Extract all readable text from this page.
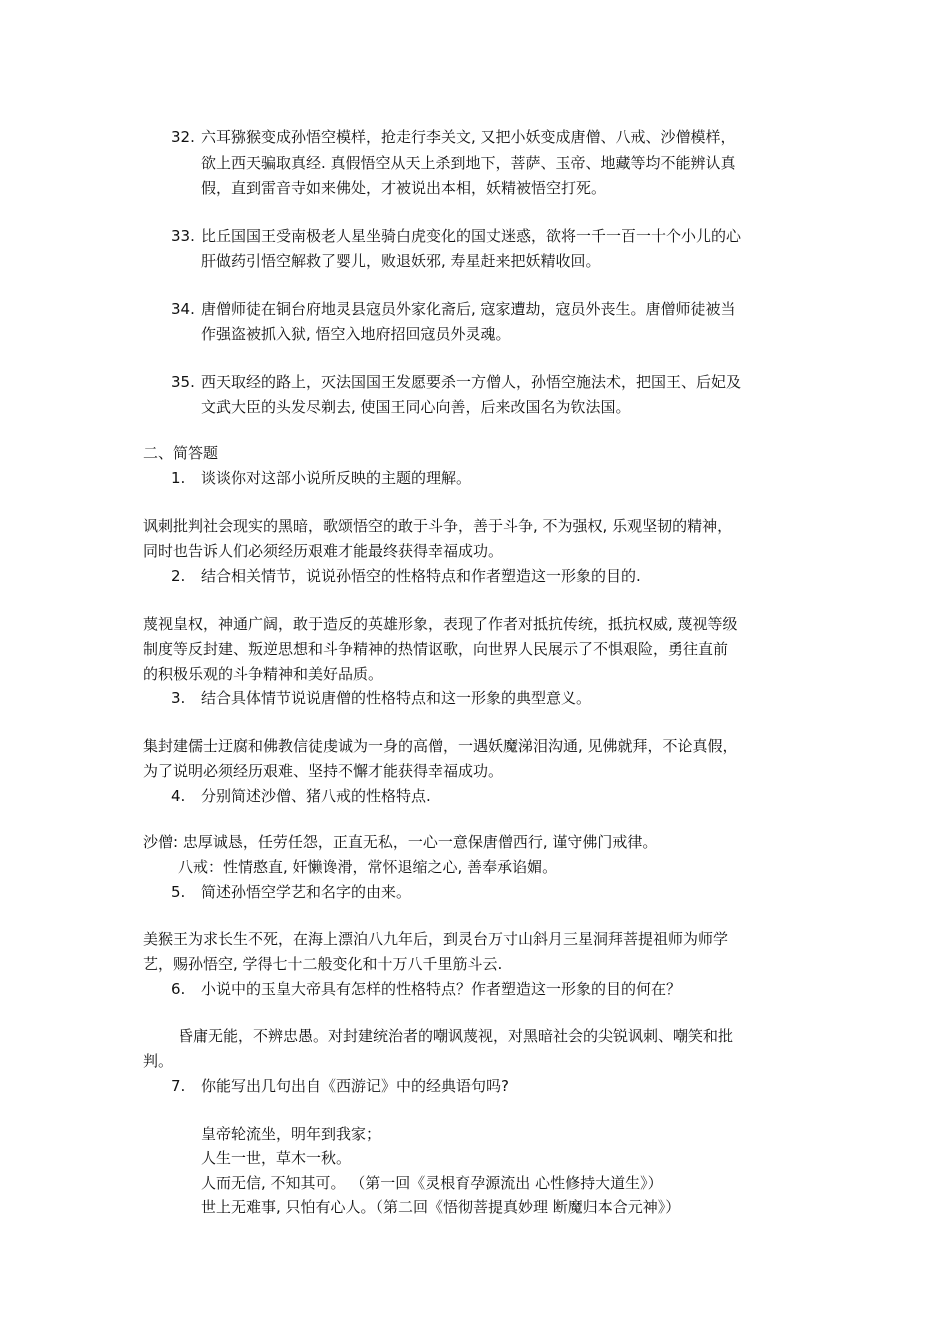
32. 六耳猕猴变成孙悟空模样，抢走行李关文, 又把小妖变成唐僧、八戒、沙僧模样，
欲上西天骗取真经. 真假悟空从天上杀到地下，菩萨、玉帝、地藏等均不能辨认真
假，直到雷音寺如来佛处，才被说出本相，妖精被悟空打死。
33. 比丘国国王受南极老人星坐骑白虎变化的国丈迷惑，欲将一千一百一十个小儿的心
肝做药引悟空解救了婴儿，败退妖邪, 寿星赶来把妖精收回。
34. 唐僧师徒在铜台府地灵县寇员外家化斋后, 寇家遭劫，寇员外丧生。唐僧师徒被当
作强盗被抓入狱, 悟空入地府招回寇员外灵魂。
35. 西天取经的路上，灭法国国王发愿要杀一方僧人，孙悟空施法术，把国王、后妃及
文武大臣的头发尽剃去, 使国王同心向善，后来改国名为钦法国。
二、简答题
1. 谈谈你对这部小说所反映的主题的理解。
讽刺批判社会现实的黑暗，歌颂悟空的敢于斗争，善于斗争, 不为强权, 乐观坚韧的精神，
同时也告诉人们必须经历艰难才能最终获得幸福成功。
2. 结合相关情节，说说孙悟空的性格特点和作者塑造这一形象的目的.
蔑视皇权，神通广阔，敢于造反的英雄形象，表现了作者对抵抗传统，抵抗权威, 蔑视等级
制度等反封建、叛逆思想和斗争精神的热情讴歌，向世界人民展示了不惧艰险，勇往直前
的积极乐观的斗争精神和美好品质。
3. 结合具体情节说说唐僧的性格特点和这一形象的典型意义。
集封建儒士迂腐和佛教信徒虔诚为一身的高僧，一遇妖魔涕泪沟通, 见佛就拜，不论真假，
为了说明必须经历艰难、坚持不懈才能获得幸福成功。
4. 分别简述沙僧、猪八戒的性格特点.
沙僧: 忠厚诚恳，任劳任怨，正直无私，一心一意保唐僧西行, 谨守佛门戒律。
八戒：性情憨直, 奸懒谗滑，常怀退缩之心, 善奉承谄媚。
5. 简述孙悟空学艺和名字的由来。
美猴王为求长生不死，在海上漂泊八九年后，到灵台万寸山斜月三星洞拜菩提祖师为师学
艺，赐孙悟空, 学得七十二般变化和十万八千里筋斗云.
6. 小说中的玉皇大帝具有怎样的性格特点？作者塑造这一形象的目的何在？
昏庸无能，不辨忠愚。对封建统治者的嘲讽蔑视，对黑暗社会的尖锐讽刺、嘲笑和批
判。
7. 你能写出几句出自《西游记》中的经典语句吗?
皇帝轮流坐，明年到我家；
人生一世，草木一秋。
人而无信, 不知其可。 （第一回《灵根育孕源流出 心性修持大道生》）
世上无难事, 只怕有心人。（第二回《悟彻菩提真妙理 断魔归本合元神》）
